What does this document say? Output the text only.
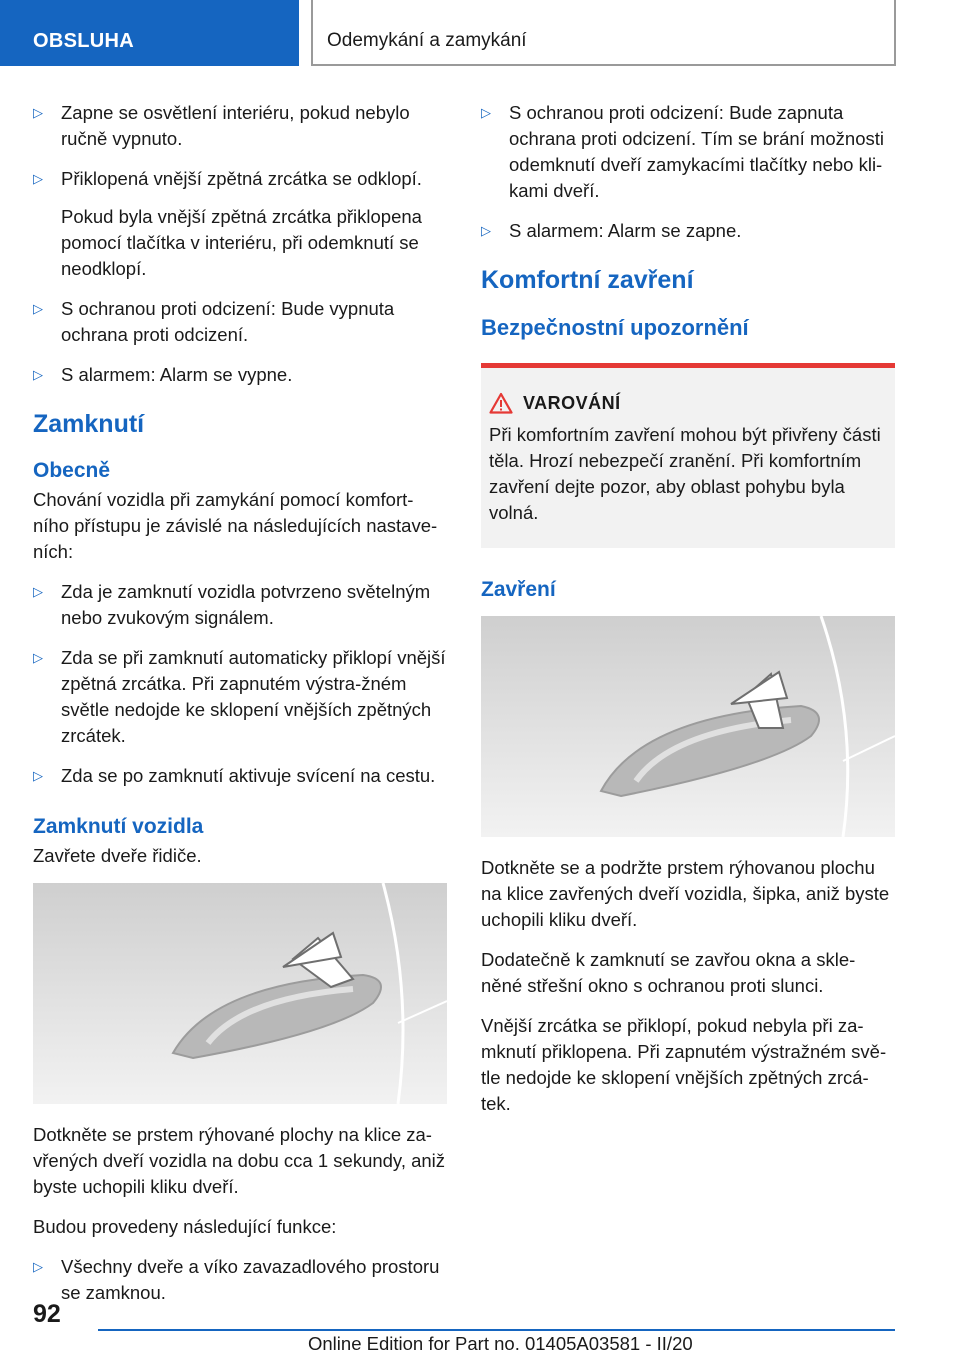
OBSLUHA	Odemykání a zamykání
▷ Zapne se osvětlení interiéru, pokud nebylo ručně vypnuto.
▷ Přiklopená vnější zpětná zrcátka se odklopí.
Pokud byla vnější zpětná zrcátka přiklopena pomocí tlačítka v interiéru, při odemknutí se neodklopí.
▷ S ochranou proti odcizení: Bude vypnuta ochrana proti odcizení.
▷ S alarmem: Alarm se vypne.
Zamknutí
Obecně

Chování vozidla při zamykání pomocí komfort-ního přístupu je závislé na následujících nastave-ních:

▷ Zda je zamknutí vozidla potvrzeno světelným nebo zvukovým signálem.
▷ Zda se při zamknutí automaticky přiklopí vnější zpětná zrcátka. Při zapnutém výstra-žném světle nedojde ke sklopení vnějších zpětných zrcátek.
▷ Zda se po zamknutí aktivuje svícení na cestu.
Zamknutí vozidla

Zavřete dveře řidiče.

Dotkněte se prstem rýhované plochy na klice za-vřených dveří vozidla na dobu cca 1 sekundy, aniž byste uchopili kliku dveří.

Budou provedeny následující funkce:

▷ Všechny dveře a víko zavazadlového prostoru se zamknou.
▷ S ochranou proti odcizení: Bude zapnuta ochrana proti odcizení. Tím se brání možnosti odemknutí dveří zamykacími tlačítky nebo kli-kami dveří.
▷ S alarmem: Alarm se zapne.
Komfortní zavření
Bezpečnostní upozornění
VAROVÁNÍ

Při komfortním zavření mohou být přivřeny části těla. Hrozí nebezpečí zranění. Při komfortním zavření dejte pozor, aby oblast pohybu byla volná.

Zavření

Dotkněte se a podržte prstem rýhovanou plochu na klice zavřených dveří vozidla, šipka, aniž byste uchopili kliku dveří.

Dodatečně k zamknutí se zavřou okna a skle-něné střešní okno s ochranou proti slunci.

Vnější zrcátka se přiklopí, pokud nebyla při za-mknutí přiklopena. Při zapnutém výstražném svě-tle nedojde ke sklopení vnějších zpětných zrcá-tek.

92
Online Edition for Part no. 01405A03581 - II/20
